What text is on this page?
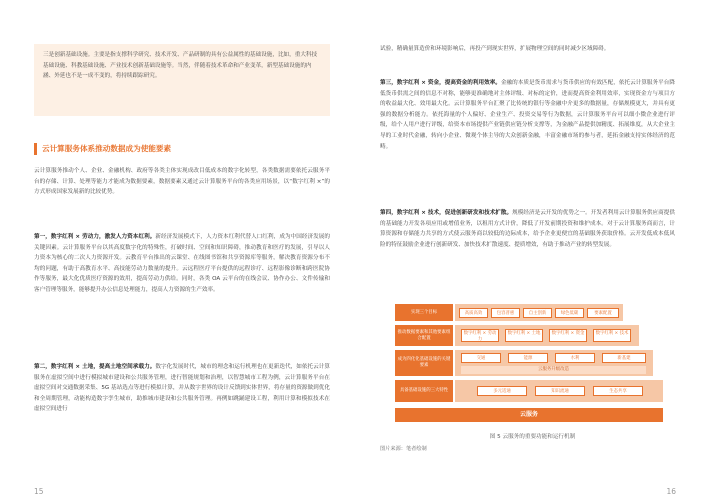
三是创新基础设施。主要是指支撑科学研究、技术开发、产品研制的具有公益属性的基础设施，比如，重大科技基础设施、科教基础设施、产业技术创新基础设施等。当然，伴随着技术革命和产业变革，新型基础设施的内涵、外延也不是一成不变的，将持续跟踪研究。
云计算服务体系推动数据成为使能要素

云计算服务推动个人、企业、金融机构、政府等各类主体实现成改目低成本的数字化转型，各类数据需要依托云服务平台的存储、计算、处理等能力才能成为数据要素，数据要素又通过云计算服务平台的各类应用场景，以“数字红利 ×”的方式形成国家发展新的比较优势。

第一，数字红利 × 劳动力，激发人力资本红利。新经济发展模式下，人力资本红利代替人口红利，成为中国经济发展的关键因素。云计算服务平台以其高度数字化的特殊性，打破时间、空间和知识障碍，推动教育和医疗的发展，引导以人力资本为核心的二次人力资源开发。云教育平台推出的云课堂、在线图书馆和共享资源库等服务，解决教育资源分布不均的问题，有助于高教育水平、高技能劳动力数量的提升。云远程医疗平台提供的远程诊疗、远程影像诊断和跨医院协作等服务，最大化优质医疗资源的效用，提高劳动力供给。同时，各类 OA 云平台的在线会议、协作办公、文件传输和客户管理等服务，能够提升办公信息处理能力，提高人力资源的生产效率。

第二，数字红利 × 土地，提高土地空间承载力。数字化发展时代，城市的理念和运行机理也在更新迭代，如依托云计算服务在虚拟空间中进行模拟城市建设和公共服务管理，进行智能规划和治理，以智慧城市工程为例，云计算服务平台在虚拟空间对交通数据采集、5G 基站选点等进行模拟计算，并从数字世界的设计反馈到实体世界，将存量的资源做到优化和全周期管理，动能构造数字孪生城市，助推城市建设和公共服务管理。再例如跳踊建设工程，利用计算和模拟技术在虚拟空间进行

15

试验，精确量算造价和环境影响后，再投产到现实世界，扩展物理空间的同时减少区域障碍。

第三，数字红利 × 资金，提高资金的利用效率。金融的本质是货币需求与货币供应的有效匹配，依托云计算服务平台降低货币供需之间的信息不对称，能够更准确地对主体评级、对标的定价，进而提高资金利用效率，实现资金方与项目方的收益最大化、效用最大化。云计算服务平台汇聚了比传统的银行等金融中介更多的数据量，存储规模更大，并具有更强的数据分析能力。依托海量的个人偏好、企业生产、投资交易等行为数据，云计算服务平台可以细小微企业进行评级，给个人用户进行评级，给资本市场提供产业链供应链分析支撑等，为金融产品提供加精度、拓展维度，从大企业主导的工业时代金融，转向小企业、微观个体主导的大众创新金融，丰富金融市场的参与者，延拓金融支持实体经济的范畴。

第四，数字红利 × 技术，促进创新研发和技术扩散。规模经济是云开发的优势之一。开发者利用云计算服务供应商提供的基础能力开发各项应用或增值业务，以租用方式计价，降低了开发前期投资和维护成本。对于云计算服务商而言，计算资源和存储能力共享的方式使云服务商以较低的边际成本，给予企业更便宜的基础服务获取价格。云开发低成本低风险的特征鼓励企业进行创新研发、加快技术扩散速度、提质增效，有助于推动产业的转型发展。

实现三个目标	高质高效	包容普惠	自主创新	绿色低碳	要素配置
推动数据要素和其他要素组合配置
数字红利 × 劳动力
数字红利 × 土地	数字红利 × 资金	数字红利 × 技术
成为四化化基础设施的关键要素
交通	能源	水利	新基建
云服务升级改造
具备基础设施的三大特性	多元适通	知识流通	生态共享
云服务
图 5 云服务的重要功能和运行机制
图片来源：笔者绘制
16
